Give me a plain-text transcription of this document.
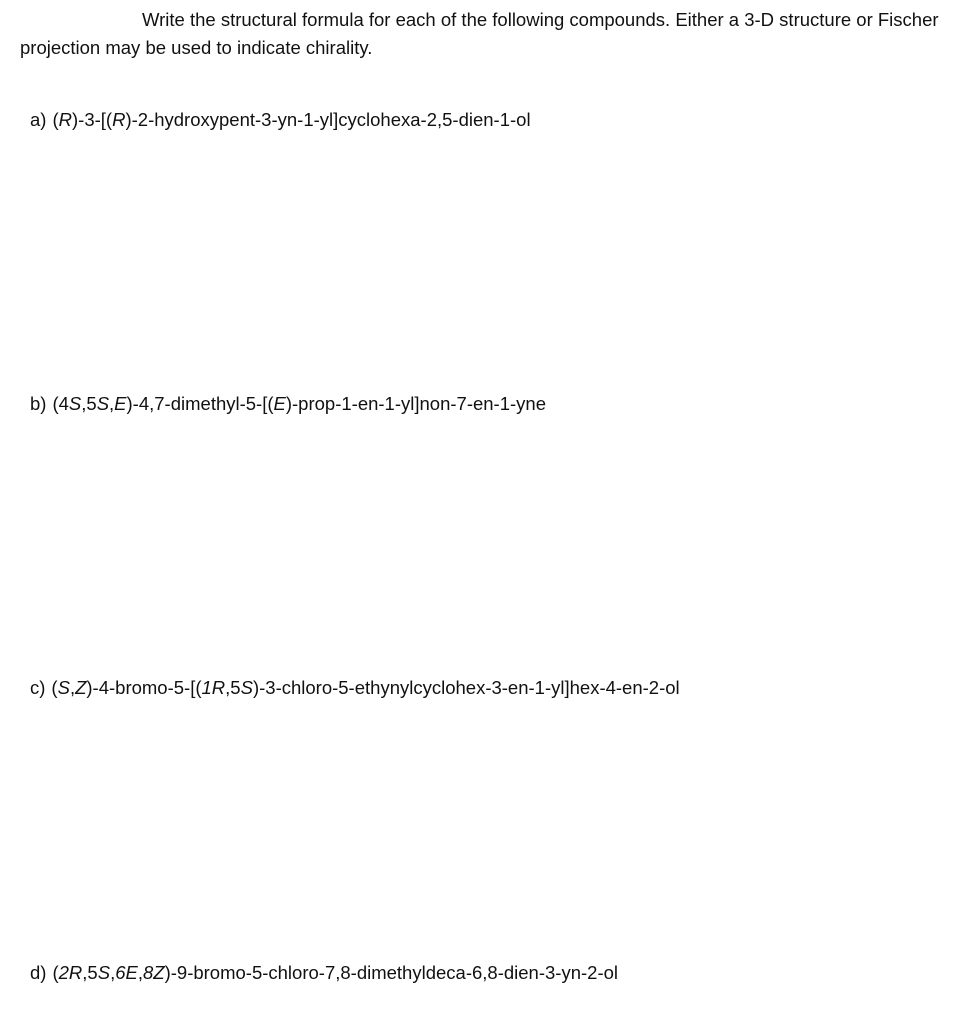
Write the structural formula for each of the following compounds. Either a 3-D structure or Fischer projection may be used to indicate chirality.

a) (R)-3-[(R)-2-hydroxypent-3-yn-1-yl]cyclohexa-2,5-dien-1-ol

b) (4S,5S,E)-4,7-dimethyl-5-[(E)-prop-1-en-1-yl]non-7-en-1-yne

c) (S,Z)-4-bromo-5-[(1R,5S)-3-chloro-5-ethynylcyclohex-3-en-1-yl]hex-4-en-2-ol

d) (2R,5S,6E,8Z)-9-bromo-5-chloro-7,8-dimethyldeca-6,8-dien-3-yn-2-ol
